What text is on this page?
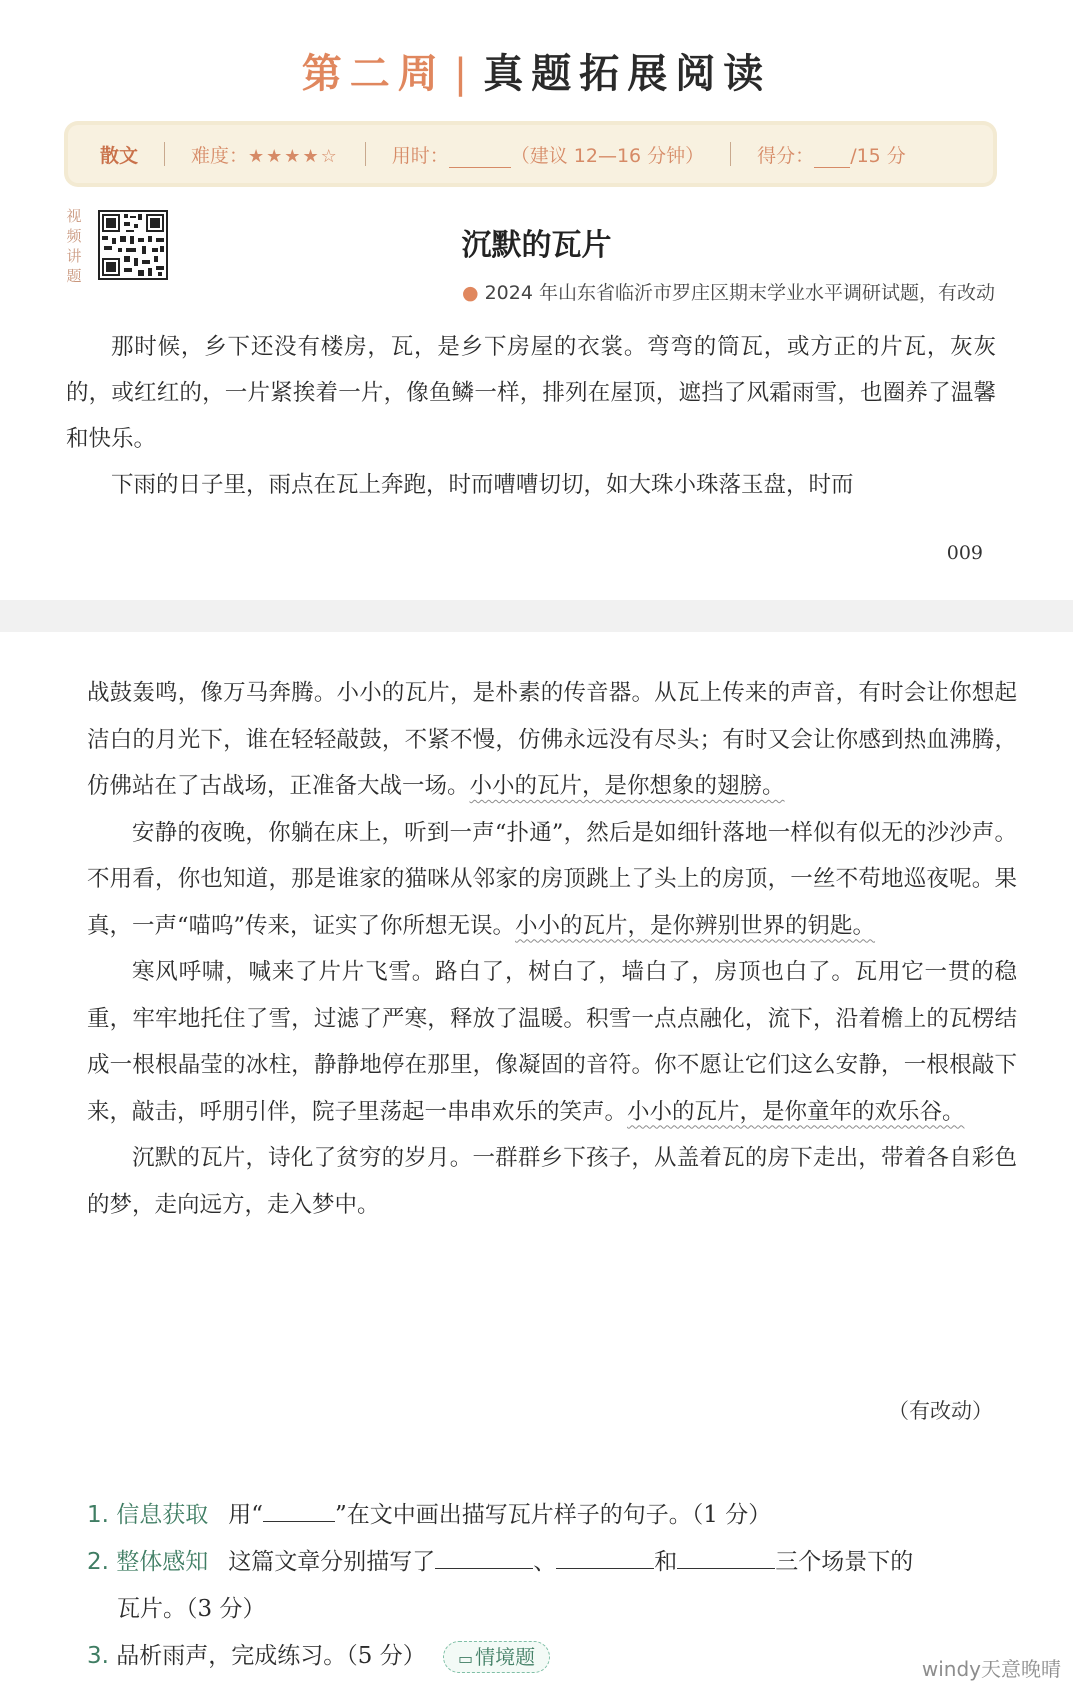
第二周 | 真题拓展阅读
散文	难度：★★★★☆	用时：	（建议 12—16 分钟）	得分： /15 分
视频讲题
沉默的瓦片
● 2024 年山东省临沂市罗庄区期末学业水平调研试题，有改动

那时候，乡下还没有楼房，瓦，是乡下房屋的衣裳。弯弯的筒瓦，或方正的片瓦，灰灰的，或红红的，一片紧挨着一片，像鱼鳞一样，排列在屋顶，遮挡了风霜雨雪，也圈养了温馨和快乐。

下雨的日子里，雨点在瓦上奔跑，时而嘈嘈切切，如大珠小珠落玉盘，时而

009

战鼓轰鸣，像万马奔腾。小小的瓦片，是朴素的传音器。从瓦上传来的声音，有时会让你想起洁白的月光下，谁在轻轻敲鼓，不紧不慢，仿佛永远没有尽头；有时又会让你感到热血沸腾，仿佛站在了古战场，正准备大战一场。小小的瓦片，是你想象的翅膀。

安静的夜晚，你躺在床上，听到一声“扑通”，然后是如细针落地一样似有似无的沙沙声。不用看，你也知道，那是谁家的猫咪从邻家的房顶跳上了头上的房顶，一丝不苟地巡夜呢。果真，一声“喵呜”传来，证实了你所想无误。小小的瓦片，是你辨别世界的钥匙。

寒风呼啸，喊来了片片飞雪。路白了，树白了，墙白了，房顶也白了。瓦用它一贯的稳重，牢牢地托住了雪，过滤了严寒，释放了温暖。积雪一点点融化，流下，沿着檐上的瓦楞结成一根根晶莹的冰柱，静静地停在那里，像凝固的音符。你不愿让它们这么安静，一根根敲下来，敲击，呼朋引伴，院子里荡起一串串欢乐的笑声。小小的瓦片，是你童年的欢乐谷。

沉默的瓦片，诗化了贫穷的岁月。一群群乡下孩子，从盖着瓦的房下走出，带着各自彩色的梦，走向远方，走入梦中。

（有改动）
1. 信息获取 用“	”在文中画出描写瓦片样子的句子。（1 分）
2. 整体感知 这篇文章分别描写了	、	和	三个场景下的
瓦片。（3 分）
3. 品析雨声，完成练习。（5 分） ▭ 情境题	windy天意晚晴
